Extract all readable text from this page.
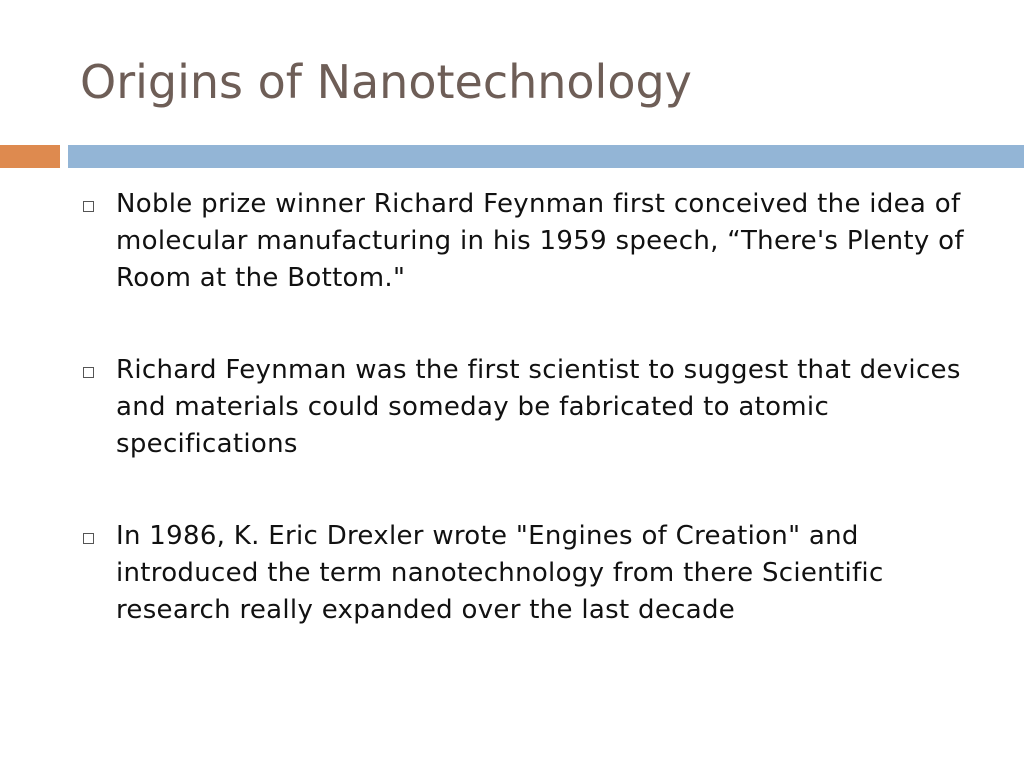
Origins of Nanotechnology
Noble prize winner Richard Feynman first conceived the idea of molecular manufacturing in his 1959 speech, “There's Plenty of Room at the Bottom."
Richard Feynman was the first scientist to suggest that devices and materials could someday be fabricated to atomic specifications
In 1986, K. Eric Drexler wrote "Engines of Creation" and introduced the term nanotechnology from there Scientific research really expanded over the last decade
